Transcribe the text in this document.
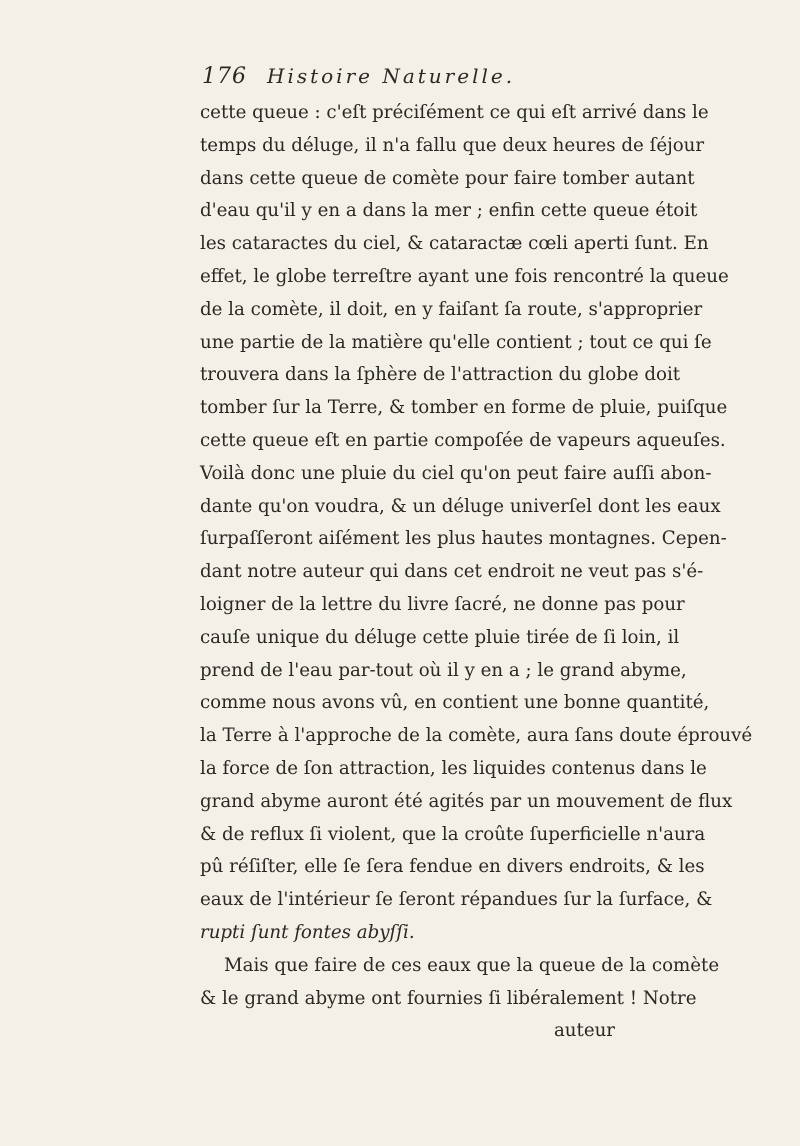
176 Histoire Naturelle.
cette queue : c'eſt préciſément ce qui eſt arrivé dans le
temps du déluge, il n'a fallu que deux heures de ſéjour
dans cette queue de comète pour faire tomber autant
d'eau qu'il y en a dans la mer ; enfin cette queue étoit
les cataractes du ciel, & cataractæ cœli aperti ſunt. En
effet, le globe terreſtre ayant une fois rencontré la queue
de la comète, il doit, en y faiſant ſa route, s'approprier
une partie de la matière qu'elle contient ; tout ce qui ſe
trouvera dans la ſphère de l'attraction du globe doit
tomber ſur la Terre, & tomber en forme de pluie, puiſque
cette queue eſt en partie compoſée de vapeurs aqueuſes.
Voilà donc une pluie du ciel qu'on peut faire auſſi abon-
dante qu'on voudra, & un déluge univerſel dont les eaux
ſurpaſſeront aiſément les plus hautes montagnes. Cepen-
dant notre auteur qui dans cet endroit ne veut pas s'é-
loigner de la lettre du livre ſacré, ne donne pas pour
cauſe unique du déluge cette pluie tirée de ſi loin, il
prend de l'eau par-tout où il y en a ; le grand abyme,
comme nous avons vû, en contient une bonne quantité,
la Terre à l'approche de la comète, aura ſans doute éprouvé
la force de ſon attraction, les liquides contenus dans le
grand abyme auront été agités par un mouvement de flux
& de reflux ſi violent, que la croûte ſuperficielle n'aura
pû réſiſter, elle ſe ſera fendue en divers endroits, & les
eaux de l'intérieur ſe ſeront répandues ſur la ſurface, &
rupti ſunt fontes abyſſi.
Mais que faire de ces eaux que la queue de la comète
& le grand abyme ont fournies ſi libéralement ! Notre
auteur
